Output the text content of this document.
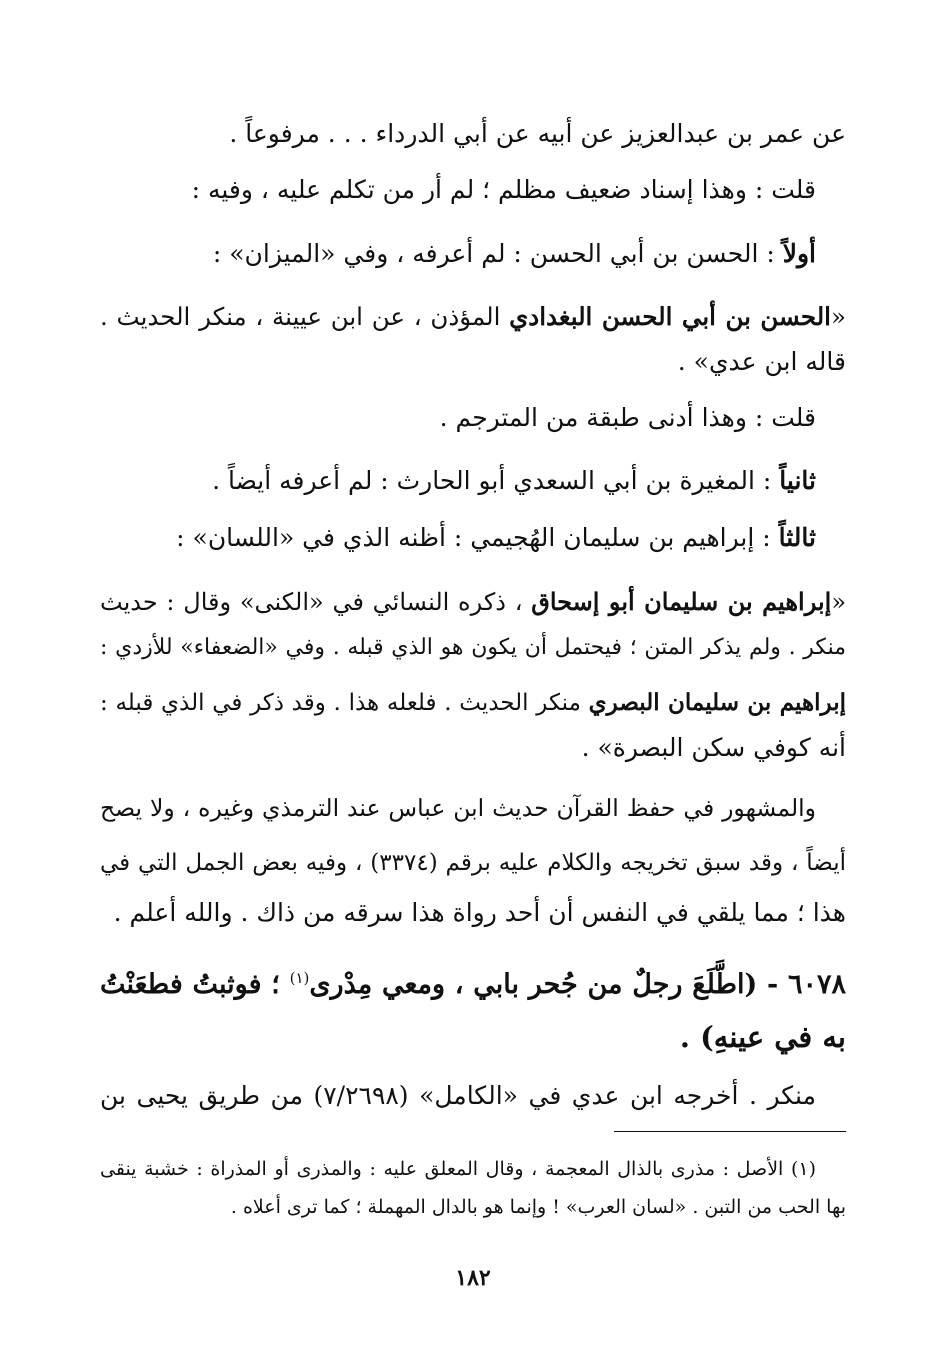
عن عمر بن عبدالعزيز عن أبيه عن أبي الدرداء . . . مرفوعاً .
قلت : وهذا إسناد ضعيف مظلم ؛ لم أر من تكلم عليه ، وفيه :
أولاً : الحسن بن أبي الحسن : لم أعرفه ، وفي «الميزان» :
«الحسن بن أبي الحسن البغدادي المؤذن ، عن ابن عيينة ، منكر الحديث .
قاله ابن عدي» .
قلت : وهذا أدنى طبقة من المترجم .
ثانياً : المغيرة بن أبي السعدي أبو الحارث : لم أعرفه أيضاً .
ثالثاً : إبراهيم بن سليمان الهُجيمي : أظنه الذي في «اللسان» :
«إبراهيم بن سليمان أبو إسحاق ، ذكره النسائي في «الكنى» وقال : حديث
منكر . ولم يذكر المتن ؛ فيحتمل أن يكون هو الذي قبله . وفي «الضعفاء» للأزدي :
إبراهيم بن سليمان البصري منكر الحديث . فلعله هذا . وقد ذكر في الذي قبله :
أنه كوفي سكن البصرة» .
والمشهور في حفظ القرآن حديث ابن عباس عند الترمذي وغيره ، ولا يصح
أيضاً ، وقد سبق تخريجه والكلام عليه برقم (٣٣٧٤) ، وفيه بعض الجمل التي في
هذا ؛ مما يلقي في النفس أن أحد رواة هذا سرقه من ذاك . والله أعلم .
٦٠٧٨ - (اطَّلَعَ رجلٌ من جُحر بابي ، ومعي مِدْرى$^{(١)}$ ؛ فوثبتُ فطعَنْتُ
به في عينهِ) .
منكر . أخرجه ابن عدي في «الكامل» (٧/٢٦٩٨) من طريق يحيى بن
(١) الأصل : مذرى بالذال المعجمة ، وقال المعلق عليه : والمذرى أو المذراة : خشبة ينقى
بها الحب من التبن . «لسان العرب» ! وإنما هو بالدال المهملة ؛ كما ترى أعلاه .
١٨٢
